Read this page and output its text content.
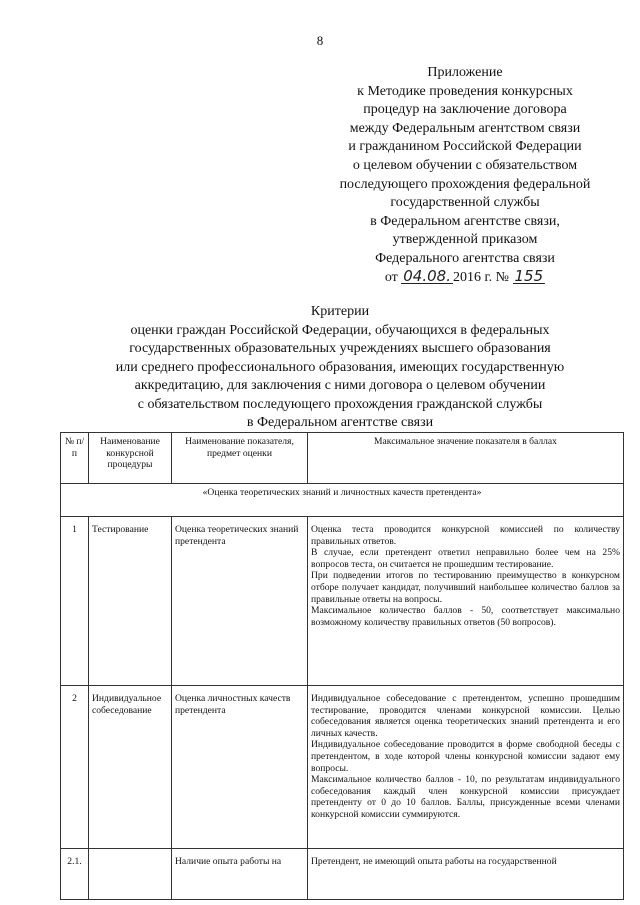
8
Приложение
к Методике проведения конкурсных
процедур на заключение договора
между Федеральным агентством связи
и гражданином Российской Федерации
о целевом обучении с обязательством
последующего прохождения федеральной
государственной службы
в Федеральном агентстве связи,
утвержденной приказом
Федерального агентства связи
от 04.08. 2016 г. № 155
Критерии
оценки граждан Российской Федерации, обучающихся в федеральных
государственных образовательных учреждениях высшего образования
или среднего профессионального образования, имеющих государственную
аккредитацию, для заключения с ними договора о целевом обучении
с обязательством последующего прохождения гражданской службы
в Федеральном агентстве связи
№ п/п	Наименование конкурсной процедуры	Наименование показателя, предмет оценки	Максимальное значение показателя в баллах
«Оценка теоретических знаний и личностных качеств претендента»			
1	Тестирование	Оценка теоретических знаний претендента	Оценка теста проводится конкурсной комиссией по количеству правильных ответов.

В случае, если претендент ответил неправильно более чем на 25% вопросов теста, он считается не прошедшим тестирование.

При подведении итогов по тестированию преимущество в конкурсном отборе получает кандидат, получивший наибольшее количество баллов за правильные ответы на вопросы.

Максимальное количество баллов - 50, соответствует максимально возможному количеству правильных ответов (50 вопросов).

2	Индивидуальное собеседование	Оценка личностных качеств претендента	Индивидуальное собеседование с претендентом, успешно прошедшим тестирование, проводится членами конкурсной комиссии. Целью собеседования является оценка теоретических знаний претендента и его личных качеств.

Индивидуальное собеседование проводится в форме свободной беседы с претендентом, в ходе которой члены конкурсной комиссии задают ему вопросы.

Максимальное количество баллов - 10, по результатам индивидуального собеседования каждый член конкурсной комиссии присуждает претенденту от 0 до 10 баллов. Баллы, присужденные всеми членами конкурсной комиссии суммируются.

2.1.		Наличие опыта работы на	Претендент, не имеющий опыта работы на государственной
